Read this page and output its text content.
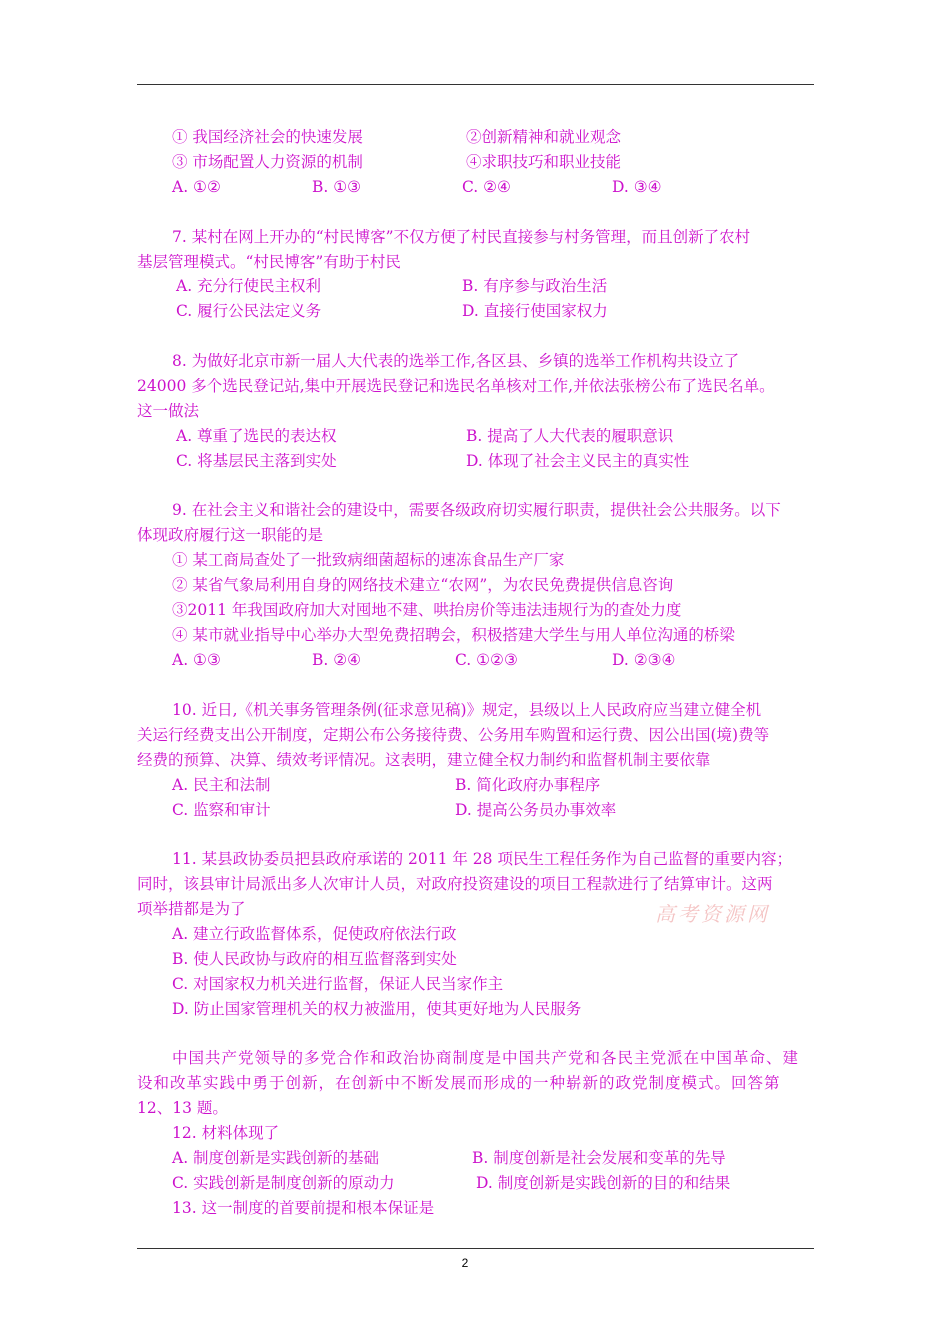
① 我国经济社会的快速发展	②创新精神和就业观念
③ 市场配置人力资源的机制	④求职技巧和职业技能
A. ①②	B. ①③	C. ②④	D. ③④
7. 某村在网上开办的“村民博客”不仅方便了村民直接参与村务管理，而且创新了农村
基层管理模式。“村民博客”有助于村民
A. 充分行使民主权利	B. 有序参与政治生活
C. 履行公民法定义务	D. 直接行使国家权力
8. 为做好北京市新一届人大代表的选举工作,各区县、乡镇的选举工作机构共设立了
24000 多个选民登记站,集中开展选民登记和选民名单核对工作,并依法张榜公布了选民名单。
这一做法
A. 尊重了选民的表达权	B. 提高了人大代表的履职意识
C. 将基层民主落到实处	D. 体现了社会主义民主的真实性
9. 在社会主义和谐社会的建设中，需要各级政府切实履行职责，提供社会公共服务。以下
体现政府履行这一职能的是
① 某工商局查处了一批致病细菌超标的速冻食品生产厂家
② 某省气象局利用自身的网络技术建立“农网”，为农民免费提供信息咨询
③2011 年我国政府加大对囤地不建、哄抬房价等违法违规行为的查处力度
④ 某市就业指导中心举办大型免费招聘会，积极搭建大学生与用人单位沟通的桥梁
A. ①③	B. ②④	C. ①②③	D. ②③④
10. 近日,《机关事务管理条例(征求意见稿)》规定，县级以上人民政府应当建立健全机
关运行经费支出公开制度，定期公布公务接待费、公务用车购置和运行费、因公出国(境)费等
经费的预算、决算、绩效考评情况。这表明，建立健全权力制约和监督机制主要依靠
A. 民主和法制	B. 简化政府办事程序
C. 监察和审计	D. 提高公务员办事效率
11. 某县政协委员把县政府承诺的 2011 年 28 项民生工程任务作为自己监督的重要内容；
同时，该县审计局派出多人次审计人员，对政府投资建设的项目工程款进行了结算审计。这两
项举措都是为了	高考资源网
A. 建立行政监督体系，促使政府依法行政
B. 使人民政协与政府的相互监督落到实处
C. 对国家权力机关进行监督，保证人民当家作主
D. 防止国家管理机关的权力被滥用，使其更好地为人民服务
中国共产党领导的多党合作和政治协商制度是中国共产党和各民主党派在中国革命、建
设和改革实践中勇于创新，在创新中不断发展而形成的一种崭新的政党制度模式。回答第
12、13 题。
12. 材料体现了
A. 制度创新是实践创新的基础	B. 制度创新是社会发展和变革的先导
C. 实践创新是制度创新的原动力	D. 制度创新是实践创新的目的和结果
13. 这一制度的首要前提和根本保证是
2
